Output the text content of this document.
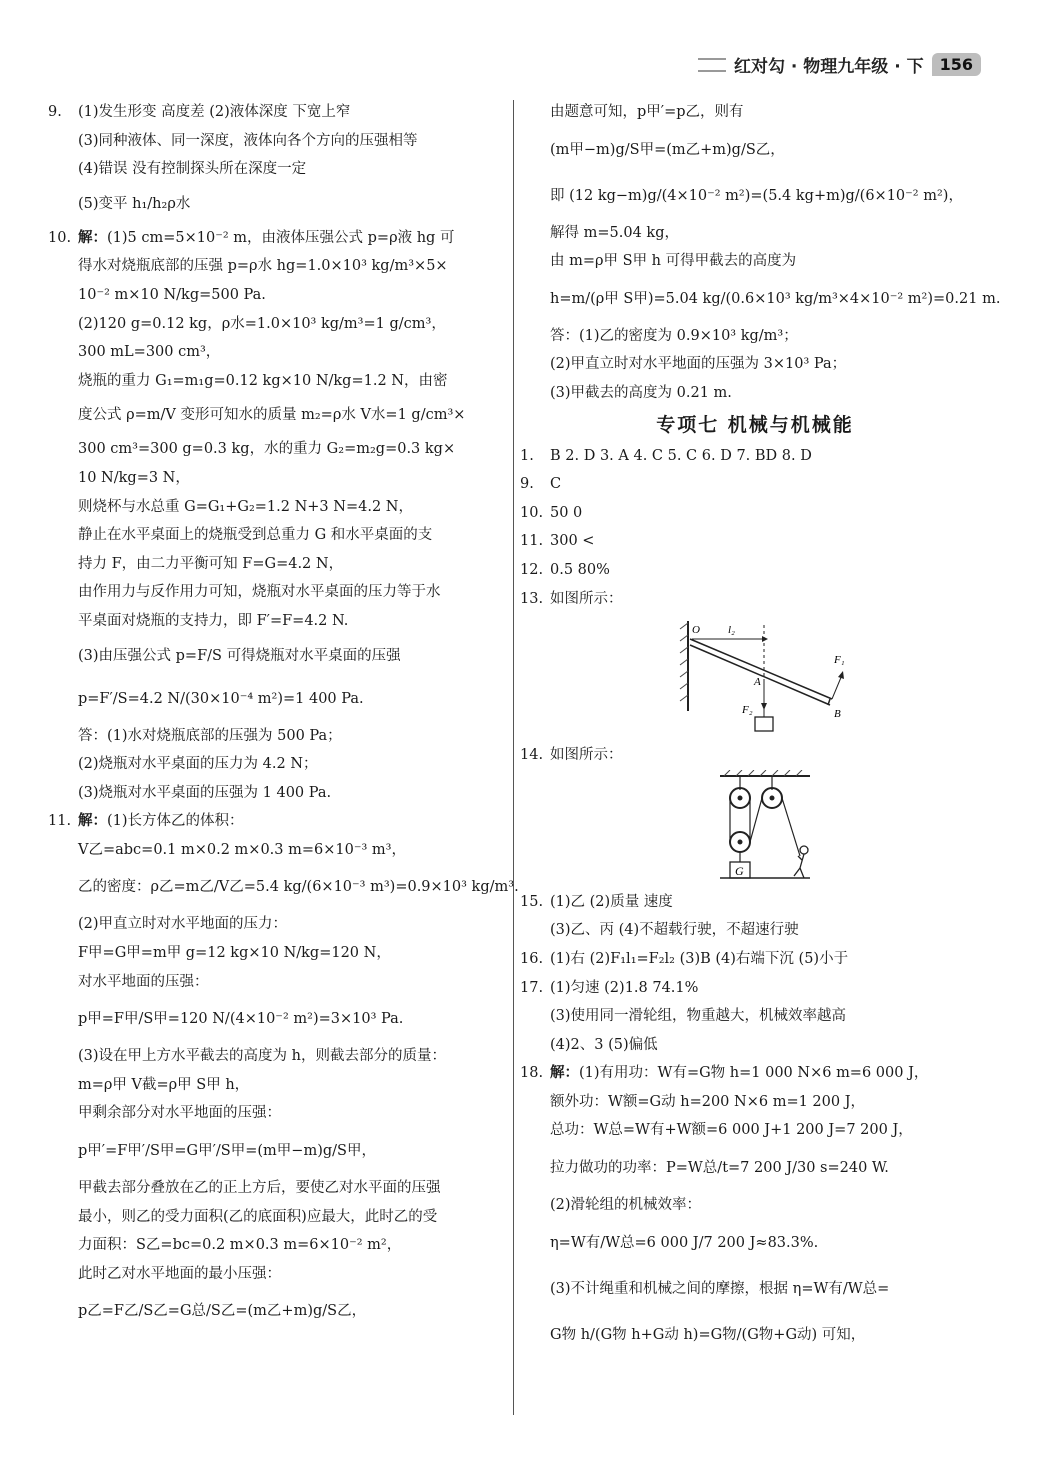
红对勾 · 物理九年级 · 下	156
9. (1)发生形变 高度差 (2)液体深度 下宽上窄
(3)同种液体、同一深度，液体向各个方向的压强相等
(4)错误 没有控制探头所在深度一定
(5)变平 h₁/h₂ρ水
10. 解：(1)5 cm=5×10⁻² m，由液体压强公式 p=ρ液 hg 可
得水对烧瓶底部的压强 p=ρ水 hg=1.0×10³ kg/m³×5×
10⁻² m×10 N/kg=500 Pa.
(2)120 g=0.12 kg，ρ水=1.0×10³ kg/m³=1 g/cm³，
300 mL=300 cm³，
烧瓶的重力 G₁=m₁g=0.12 kg×10 N/kg=1.2 N，由密
度公式 ρ=m/V 变形可知水的质量 m₂=ρ水 V水=1 g/cm³×
300 cm³=300 g=0.3 kg，水的重力 G₂=m₂g=0.3 kg×
10 N/kg=3 N，
则烧杯与水总重 G=G₁+G₂=1.2 N+3 N=4.2 N，
静止在水平桌面上的烧瓶受到总重力 G 和水平桌面的支
持力 F，由二力平衡可知 F=G=4.2 N，
由作用力与反作用力可知，烧瓶对水平桌面的压力等于水
平桌面对烧瓶的支持力，即 F′=F=4.2 N.
(3)由压强公式 p=F/S 可得烧瓶对水平桌面的压强
p=F′/S=4.2 N/(30×10⁻⁴ m²)=1 400 Pa.
答：(1)水对烧瓶底部的压强为 500 Pa；
(2)烧瓶对水平桌面的压力为 4.2 N；
(3)烧瓶对水平桌面的压强为 1 400 Pa.
11. 解：(1)长方体乙的体积：
V乙=abc=0.1 m×0.2 m×0.3 m=6×10⁻³ m³，
乙的密度：ρ乙=m乙/V乙=5.4 kg/(6×10⁻³ m³)=0.9×10³ kg/m³.
(2)甲直立时对水平地面的压力：
F甲=G甲=m甲 g=12 kg×10 N/kg=120 N，
对水平地面的压强：
p甲=F甲/S甲=120 N/(4×10⁻² m²)=3×10³ Pa.
(3)设在甲上方水平截去的高度为 h，则截去部分的质量：
m=ρ甲 V截=ρ甲 S甲 h，
甲剩余部分对水平地面的压强：
p甲′=F甲′/S甲=G甲′/S甲=(m甲−m)g/S甲，
甲截去部分叠放在乙的正上方后，要使乙对水平面的压强
最小，则乙的受力面积(乙的底面积)应最大，此时乙的受
力面积：S乙=bc=0.2 m×0.3 m=6×10⁻² m²，
此时乙对水平地面的最小压强：
p乙=F乙/S乙=G总/S乙=(m乙+m)g/S乙，
由题意可知，p甲′=p乙，则有
(m甲−m)g/S甲=(m乙+m)g/S乙，
即 (12 kg−m)g/(4×10⁻² m²)=(5.4 kg+m)g/(6×10⁻² m²)，
解得 m=5.04 kg，
由 m=ρ甲 S甲 h 可得甲截去的高度为
h=m/(ρ甲 S甲)=5.04 kg/(0.6×10³ kg/m³×4×10⁻² m²)=0.21 m.
答：(1)乙的密度为 0.9×10³ kg/m³；
(2)甲直立时对水平地面的压强为 3×10³ Pa；
(3)甲截去的高度为 0.21 m.
专项七 机械与机械能
1. B 2. D 3. A 4. C 5. C 6. D 7. BD 8. D
9. C
10. 50 0
11. 300 <
12. 0.5 80%
13. 如图所示：
O	l₂
F₁
A
B
F₂
14. 如图所示：
G
15. (1)乙 (2)质量 速度
(3)乙、丙 (4)不超载行驶，不超速行驶
16. (1)右 (2)F₁l₁=F₂l₂ (3)B (4)右端下沉 (5)小于
17. (1)匀速 (2)1.8 74.1%
(3)使用同一滑轮组，物重越大，机械效率越高
(4)2、3 (5)偏低
18. 解：(1)有用功：W有=G物 h=1 000 N×6 m=6 000 J，
额外功：W额=G动 h=200 N×6 m=1 200 J，
总功：W总=W有+W额=6 000 J+1 200 J=7 200 J，
拉力做功的功率：P=W总/t=7 200 J/30 s=240 W.
(2)滑轮组的机械效率：
η=W有/W总=6 000 J/7 200 J≈83.3%.
(3)不计绳重和机械之间的摩擦，根据 η=W有/W总=
G物 h/(G物 h+G动 h)=G物/(G物+G动) 可知，
